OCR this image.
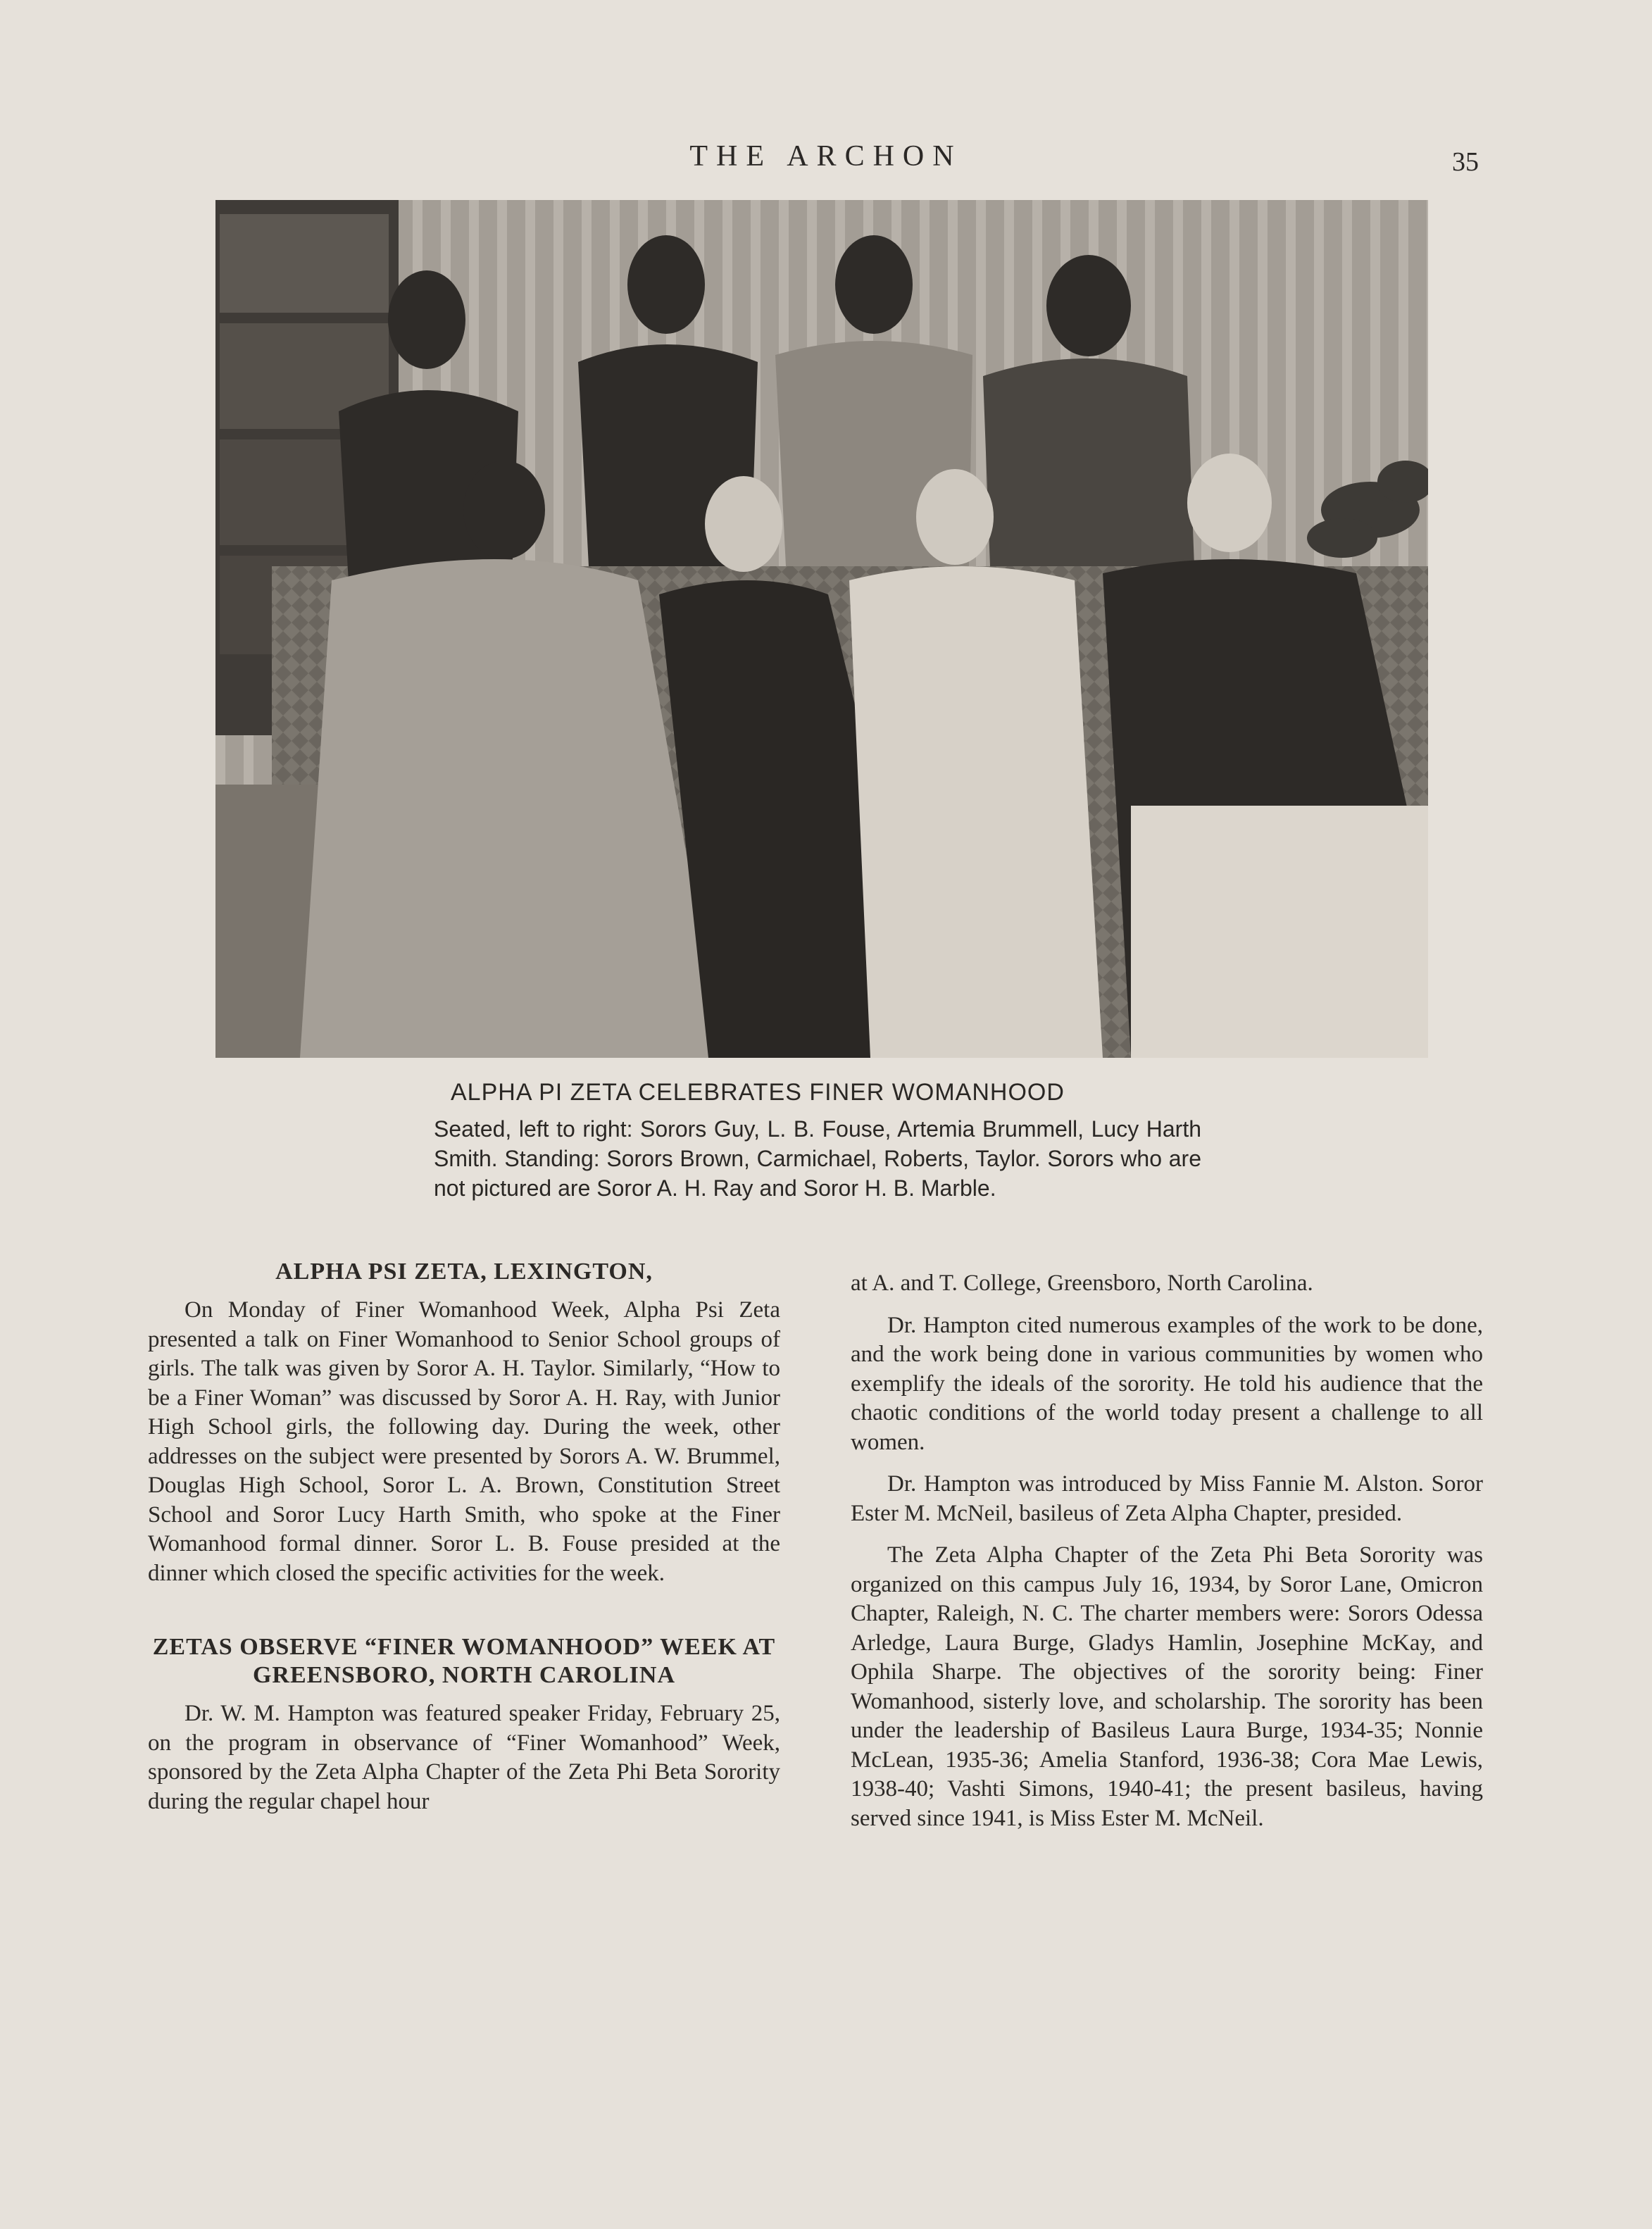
THE ARCHON	35
ALPHA PI ZETA CELEBRATES FINER WOMANHOOD
Seated, left to right: Sorors Guy, L. B. Fouse, Artemia Brummell, Lucy Harth Smith. Standing: Sorors Brown, Carmichael, Roberts, Taylor. Sorors who are not pictured are Soror A. H. Ray and Soror H. B. Marble.
ALPHA PSI ZETA, LEXINGTON,

On Monday of Finer Womanhood Week, Alpha Psi Zeta presented a talk on Finer Womanhood to Senior School groups of girls. The talk was given by Soror A. H. Taylor. Similarly, “How to be a Finer Woman” was discussed by Soror A. H. Ray, with Junior High School girls, the following day. During the week, other addresses on the subject were presented by Sorors A. W. Brummel, Douglas High School, Soror L. A. Brown, Constitution Street School and Soror Lucy Harth Smith, who spoke at the Finer Womanhood formal dinner. Soror L. B. Fouse presided at the dinner which closed the specific activities for the week.

ZETAS OBSERVE “FINER WOMANHOOD” WEEK AT GREENSBORO, NORTH CAROLINA

Dr. W. M. Hampton was featured speaker Friday, February 25, on the program in observance of “Finer Womanhood” Week, sponsored by the Zeta Alpha Chapter of the Zeta Phi Beta Sorority during the regular chapel hour

at A. and T. College, Greensboro, North Carolina.

Dr. Hampton cited numerous examples of the work to be done, and the work being done in various communities by women who exemplify the ideals of the sorority. He told his audience that the chaotic conditions of the world today present a challenge to all women.

Dr. Hampton was introduced by Miss Fannie M. Alston. Soror Ester M. McNeil, basileus of Zeta Alpha Chapter, presided.

The Zeta Alpha Chapter of the Zeta Phi Beta Sorority was organized on this campus July 16, 1934, by Soror Lane, Omicron Chapter, Raleigh, N. C. The charter members were: Sorors Odessa Arledge, Laura Burge, Gladys Hamlin, Josephine McKay, and Ophila Sharpe. The objectives of the sorority being: Finer Womanhood, sisterly love, and scholarship. The sorority has been under the leadership of Basileus Laura Burge, 1934-35; Nonnie McLean, 1935-36; Amelia Stanford, 1936-38; Cora Mae Lewis, 1938-40; Vashti Simons, 1940-41; the present basileus, having served since 1941, is Miss Ester M. McNeil.
